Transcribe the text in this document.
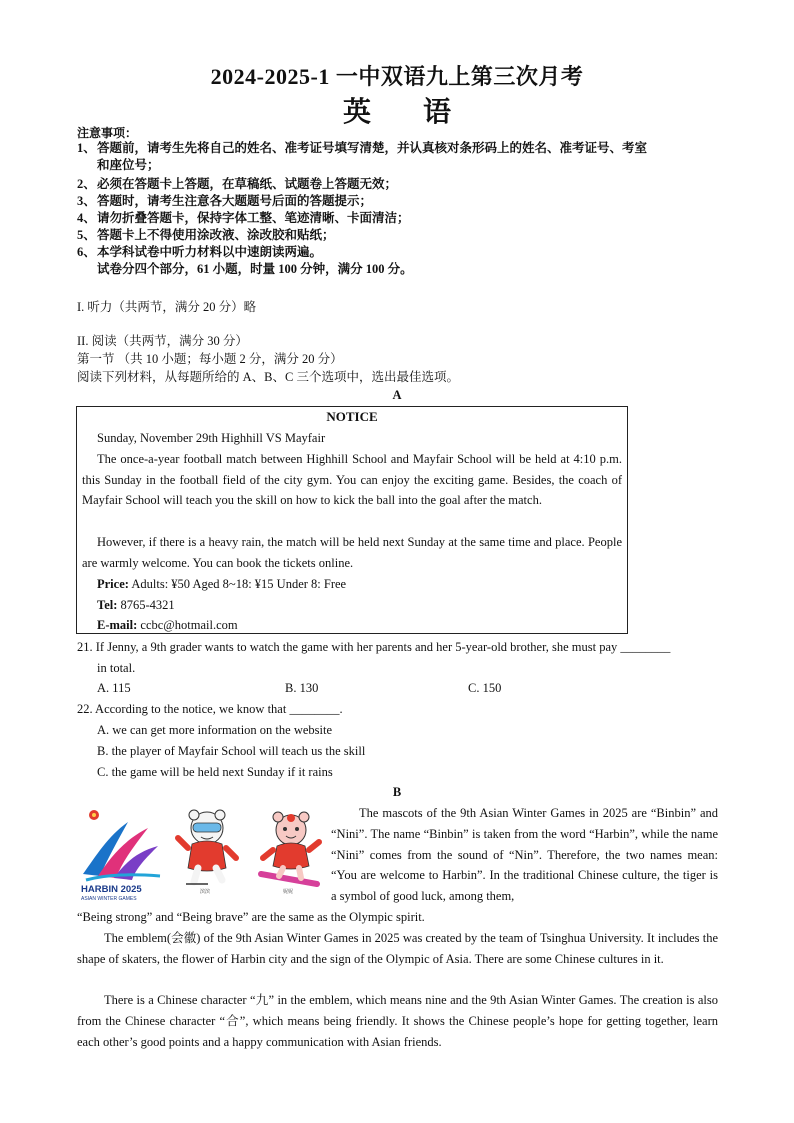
2024-2025-1 一中双语九上第三次月考
英语
注意事项：
1、答题前，请考生先将自己的姓名、准考证号填写清楚，并认真核对条形码上的姓名、准考证号、考室
和座位号；
2、必须在答题卡上答题，在草稿纸、试题卷上答题无效；
3、答题时，请考生注意各大题题号后面的答题提示；
4、请勿折叠答题卡，保持字体工整、笔迹清晰、卡面清洁；
5、答题卡上不得使用涂改液、涂改胶和贴纸；
6、本学科试卷中听力材料以中速朗读两遍。
试卷分四个部分，61 小题，时量 100 分钟，满分 100 分。
I. 听力（共两节，满分 20 分）略
II. 阅读（共两节，满分 30 分）
第一节 （共 10 小题；每小题 2 分，满分 20 分）
阅读下列材料，从每题所给的 A、B、C 三个选项中，选出最佳选项。
A
NOTICE
Sunday, November 29th Highhill VS Mayfair

The once-a-year football match between Highhill School and Mayfair School will be held at 4:10 p.m. this Sunday in the football field of the city gym. You can enjoy the exciting game. Besides, the coach of Mayfair School will teach you the skill on how to kick the ball into the goal after the match.

However, if there is a heavy rain, the match will be held next Sunday at the same time and place. People are warmly welcome. You can book the tickets online.

Price: Adults: ¥50 Aged 8~18: ¥15 Under 8: Free
Tel: 8765-4321
E-mail: ccbc@hotmail.com
21. If Jenny, a 9th grader wants to watch the game with her parents and her 5-year-old brother, she must pay ________
in total.
A. 115	B. 130	C. 150
22. According to the notice, we know that ________.
A. we can get more information on the website
B. the player of Mayfair School will teach us the skill
C. the game will be held next Sunday if it rains
B
HARBIN 2025
ASIAN WINTER GAMES
滨滨	妮妮

The mascots of the 9th Asian Winter Games in 2025 are “Binbin” and “Nini”. The name “Binbin” is taken from the word “Harbin”, while the name “Nini” comes from the sound of “Nin”. Therefore, the two names mean: “You are welcome to Harbin”. In the traditional Chinese culture, the tiger is a symbol of good luck, among them,

“Being strong” and “Being brave” are the same as the Olympic spirit.

The emblem(会徽) of the 9th Asian Winter Games in 2025 was created by the team of Tsinghua University. It includes the shape of skaters, the flower of Harbin city and the sign of the Olympic of Asia. There are some Chinese cultures in it.

There is a Chinese character “九” in the emblem, which means nine and the 9th Asian Winter Games. The creation is also from the Chinese character “合”, which means being friendly. It shows the Chinese people’s hope for getting together, learn each other’s good points and a happy communication with Asian friends.
